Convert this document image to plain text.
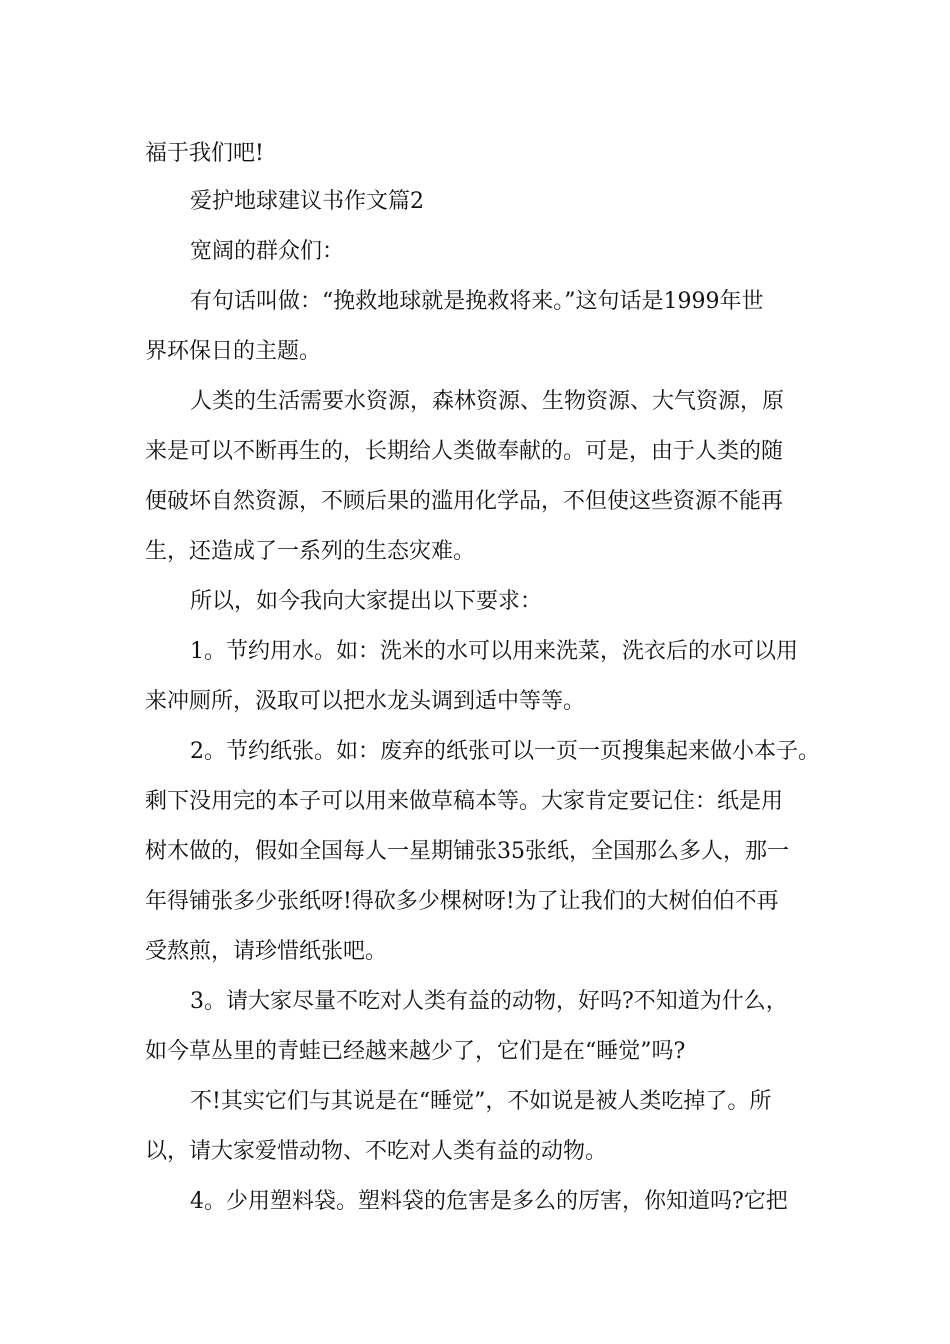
福于我们吧!

爱护地球建议书作文篇2

宽阔的群众们：

有句话叫做：“挽救地球就是挽救将来。”这句话是1999年世

界环保日的主题。

人类的生活需要水资源，森林资源、生物资源、大气资源，原

来是可以不断再生的，长期给人类做奉献的。可是，由于人类的随

便破坏自然资源，不顾后果的滥用化学品，不但使这些资源不能再

生，还造成了一系列的生态灾难。

所以，如今我向大家提出以下要求：

1。节约用水。如：洗米的水可以用来洗菜，洗衣后的水可以用

来冲厕所，汲取可以把水龙头调到适中等等。

2。节约纸张。如：废弃的纸张可以一页一页搜集起来做小本子。

剩下没用完的本子可以用来做草稿本等。大家肯定要记住：纸是用

树木做的，假如全国每人一星期铺张35张纸，全国那么多人，那一

年得铺张多少张纸呀!得砍多少棵树呀!为了让我们的大树伯伯不再

受熬煎，请珍惜纸张吧。

3。请大家尽量不吃对人类有益的动物，好吗?不知道为什么，

如今草丛里的青蛙已经越来越少了，它们是在“睡觉”吗?

不!其实它们与其说是在“睡觉”，不如说是被人类吃掉了。所

以，请大家爱惜动物、不吃对人类有益的动物。

4。少用塑料袋。塑料袋的危害是多么的厉害，你知道吗?它把
